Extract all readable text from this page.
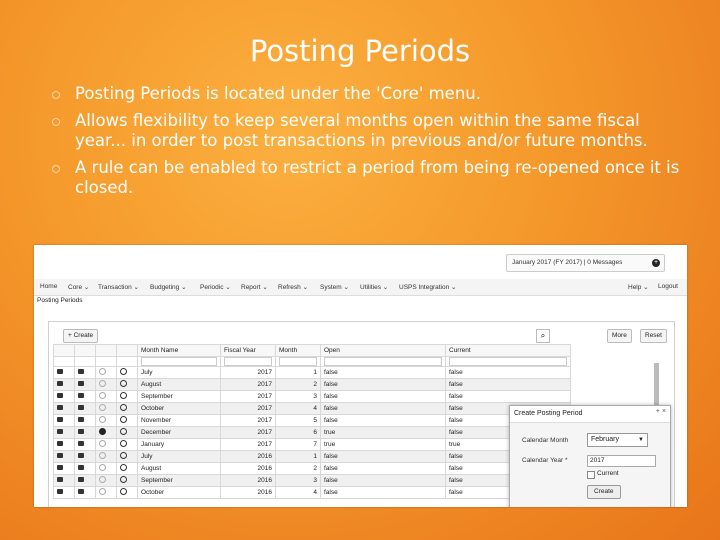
Posting Periods
Posting Periods is located under the 'Core' menu.
Allows flexibility to keep several months open within the same fiscal year... in order to post transactions in previous and/or future months.
A rule can be enabled to restrict a period from being re-opened once it is closed.
January 2017 (FY 2017) | 0 Messages	+
Home Core ⌄ Transaction ⌄ Budgeting ⌄ Periodic ⌄ Report ⌄ Refresh ⌄ System ⌄ Utilities ⌄ USPS Integration ⌄	Help ⌄ Logout
Posting Periods
+ Create	⌕	More	Reset
				Month Name	Fiscal Year	Month	Open	Current

				July	2017	1	false	false
				August	2017	2	false	false
				September	2017	3	false	false
				October	2017	4	false	false
				November	2017	5	false	false
				December	2017	6	true	false
				January	2017	7	true	true
				July	2016	1	false	false
				August	2016	2	false	false
				September	2016	3	false	false
				October	2016	4	false	false
Create Posting Period	+ ×
Calendar Month	February	▼
Calendar Year *	2017
Current
Create
